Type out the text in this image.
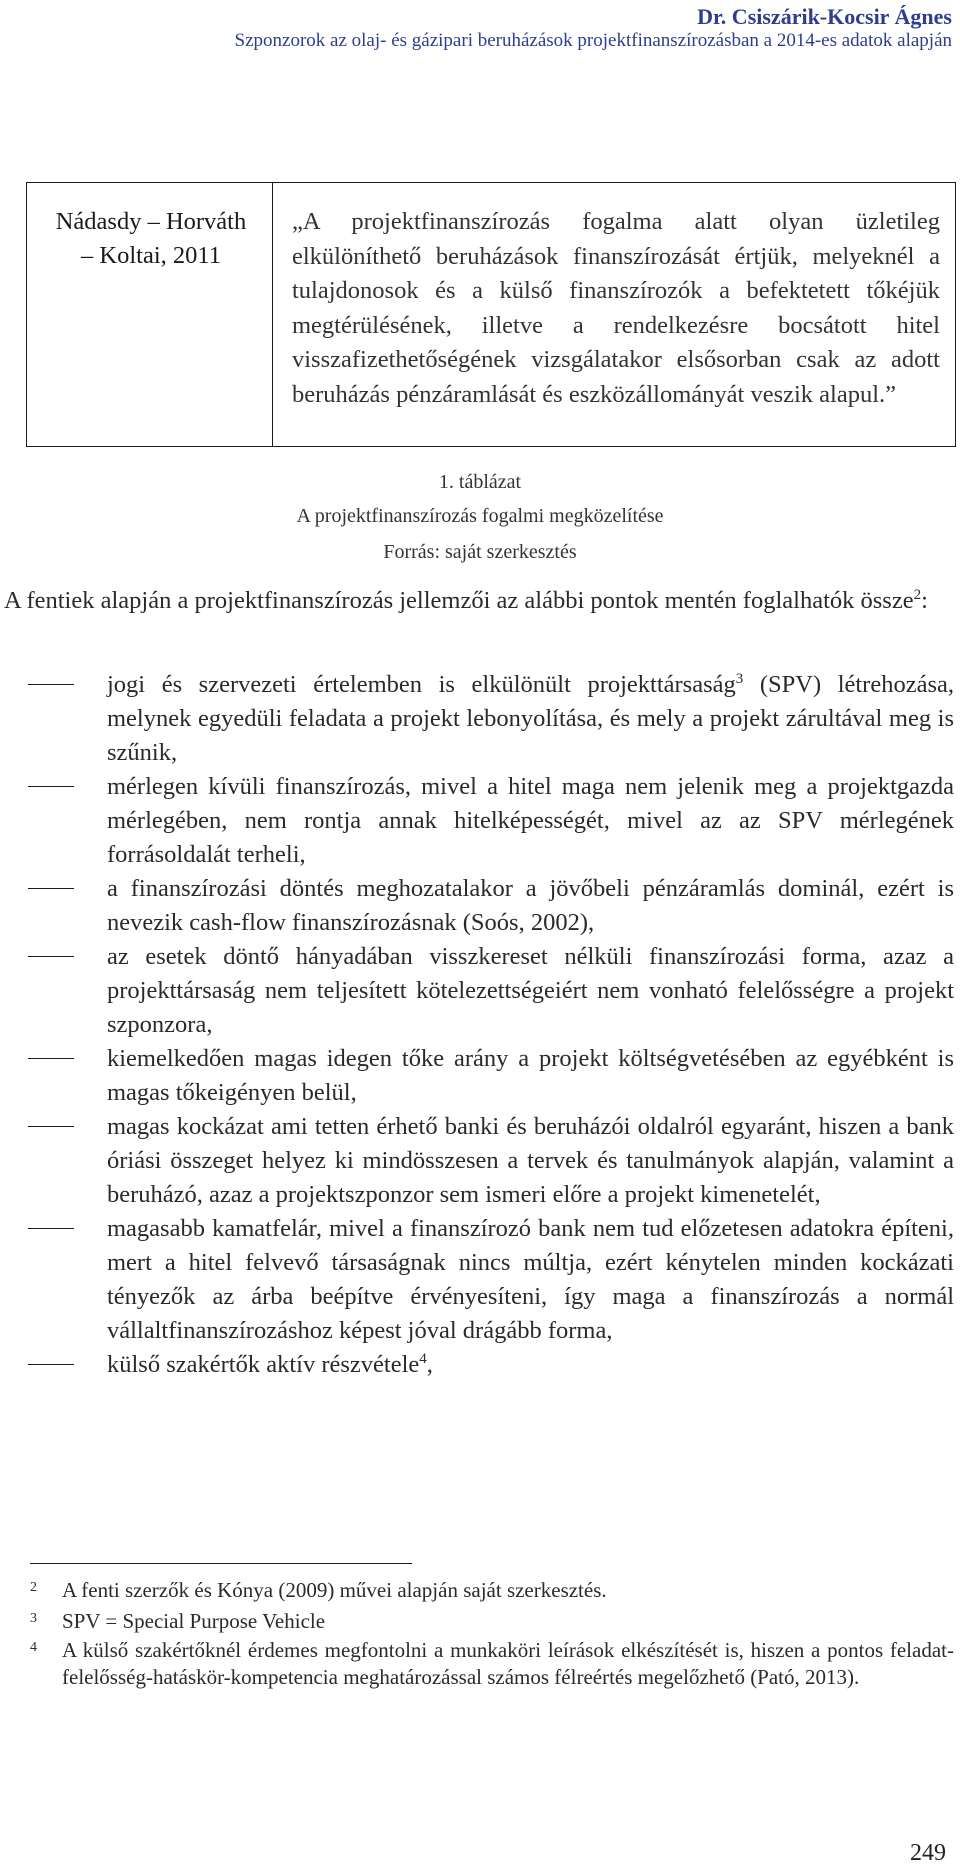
Dr. Csiszárik-Kocsir Ágnes
Szponzorok az olaj- és gázipari beruházások projektfinanszírozásban a 2014-es adatok alapján
Nádasdy – Horváth
– Koltai, 2011
„A projektfinanszírozás fogalma alatt olyan üzletileg elkülöníthető beruházások finanszírozását értjük, melyeknél a tulajdonosok és a külső finanszírozók a befektetett tőkéjük megtérülésének, illetve a rendelkezésre bocsátott hitel visszafizethetőségének vizsgálatakor elsősorban csak az adott beruházás pénzáramlását és eszközállományát veszik alapul.”
1. táblázat
A projektfinanszírozás fogalmi megközelítése
Forrás: saját szerkesztés
A fentiek alapján a projektfinanszírozás jellemzői az alábbi pontok mentén foglalhatók össze$^2$:
jogi és szervezeti értelemben is elkülönült projekttársaság$^3$ (SPV) létrehozása, melynek egyedüli feladata a projekt lebonyolítása, és mely a projekt zárultával meg is szűnik,
mérlegen kívüli finanszírozás, mivel a hitel maga nem jelenik meg a projektgazda mérlegében, nem rontja annak hitelképességét, mivel az az SPV mérlegének forrásoldalát terheli,
a finanszírozási döntés meghozatalakor a jövőbeli pénzáramlás dominál, ezért is nevezik cash-flow finanszírozásnak (Soós, 2002),
az esetek döntő hányadában visszkereset nélküli finanszírozási forma, azaz a projekttársaság nem teljesített kötelezettségeiért nem vonható felelősségre a projekt szponzora,
kiemelkedően magas idegen tőke arány a projekt költségvetésében az egyébként is magas tőkeigényen belül,
magas kockázat ami tetten érhető banki és beruházói oldalról egyaránt, hiszen a bank óriási összeget helyez ki mindösszesen a tervek és tanulmányok alapján, valamint a beruházó, azaz a projektszponzor sem ismeri előre a projekt kimenetelét,
magasabb kamatfelár, mivel a finanszírozó bank nem tud előzetesen adatokra építeni, mert a hitel felvevő társaságnak nincs múltja, ezért kénytelen minden kockázati tényezők az árba beépítve érvényesíteni, így maga a finanszírozás a normál vállaltfinanszírozáshoz képest jóval drágább forma,
külső szakértők aktív részvétele$^4$,
2 A fenti szerzők és Kónya (2009) művei alapján saját szerkesztés.
3 SPV = Special Purpose Vehicle
4 A külső szakértőknél érdemes megfontolni a munkaköri leírások elkészítését is, hiszen a pontos feladat-felelősség-hatáskör-kompetencia meghatározással számos félreértés megelőzhető (Pató, 2013).
249
